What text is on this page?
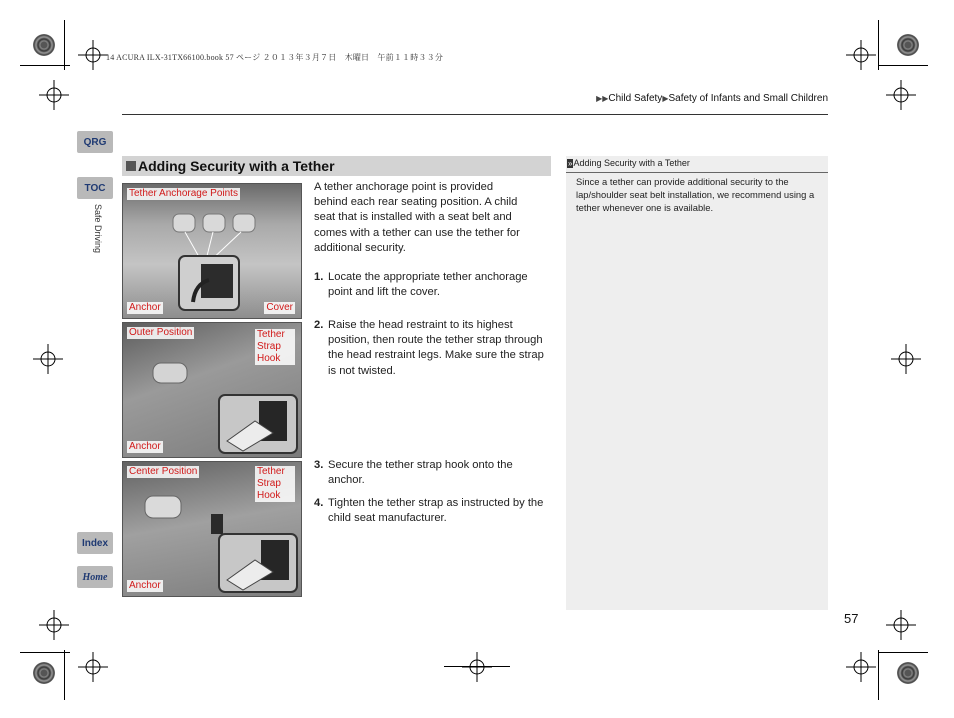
14 ACURA ILX-31TX66100.book 57 ページ ２０１３年３月７日　木曜日　午前１１時３３分
▶▶Child Safety▶Safety of Infants and Small Children
QRG
TOC
Safe Driving
Index
Home
Adding Security with a Tether
Tether Anchorage Points
Anchor	Cover
Outer Position	Tether Strap Hook
Anchor
Center Position	Tether Strap Hook
Anchor
A tether anchorage point is provided behind each rear seating position. A child seat that is installed with a seat belt and comes with a tether can use the tether for additional security.
1. Locate the appropriate tether anchorage point and lift the cover.
2. Raise the head restraint to its highest position, then route the tether strap through the head restraint legs. Make sure the strap is not twisted.
3. Secure the tether strap hook onto the anchor.
4. Tighten the tether strap as instructed by the child seat manufacturer.
»Adding Security with a Tether
Since a tether can provide additional security to the lap/shoulder seat belt installation, we recommend using a tether whenever one is available.
57
